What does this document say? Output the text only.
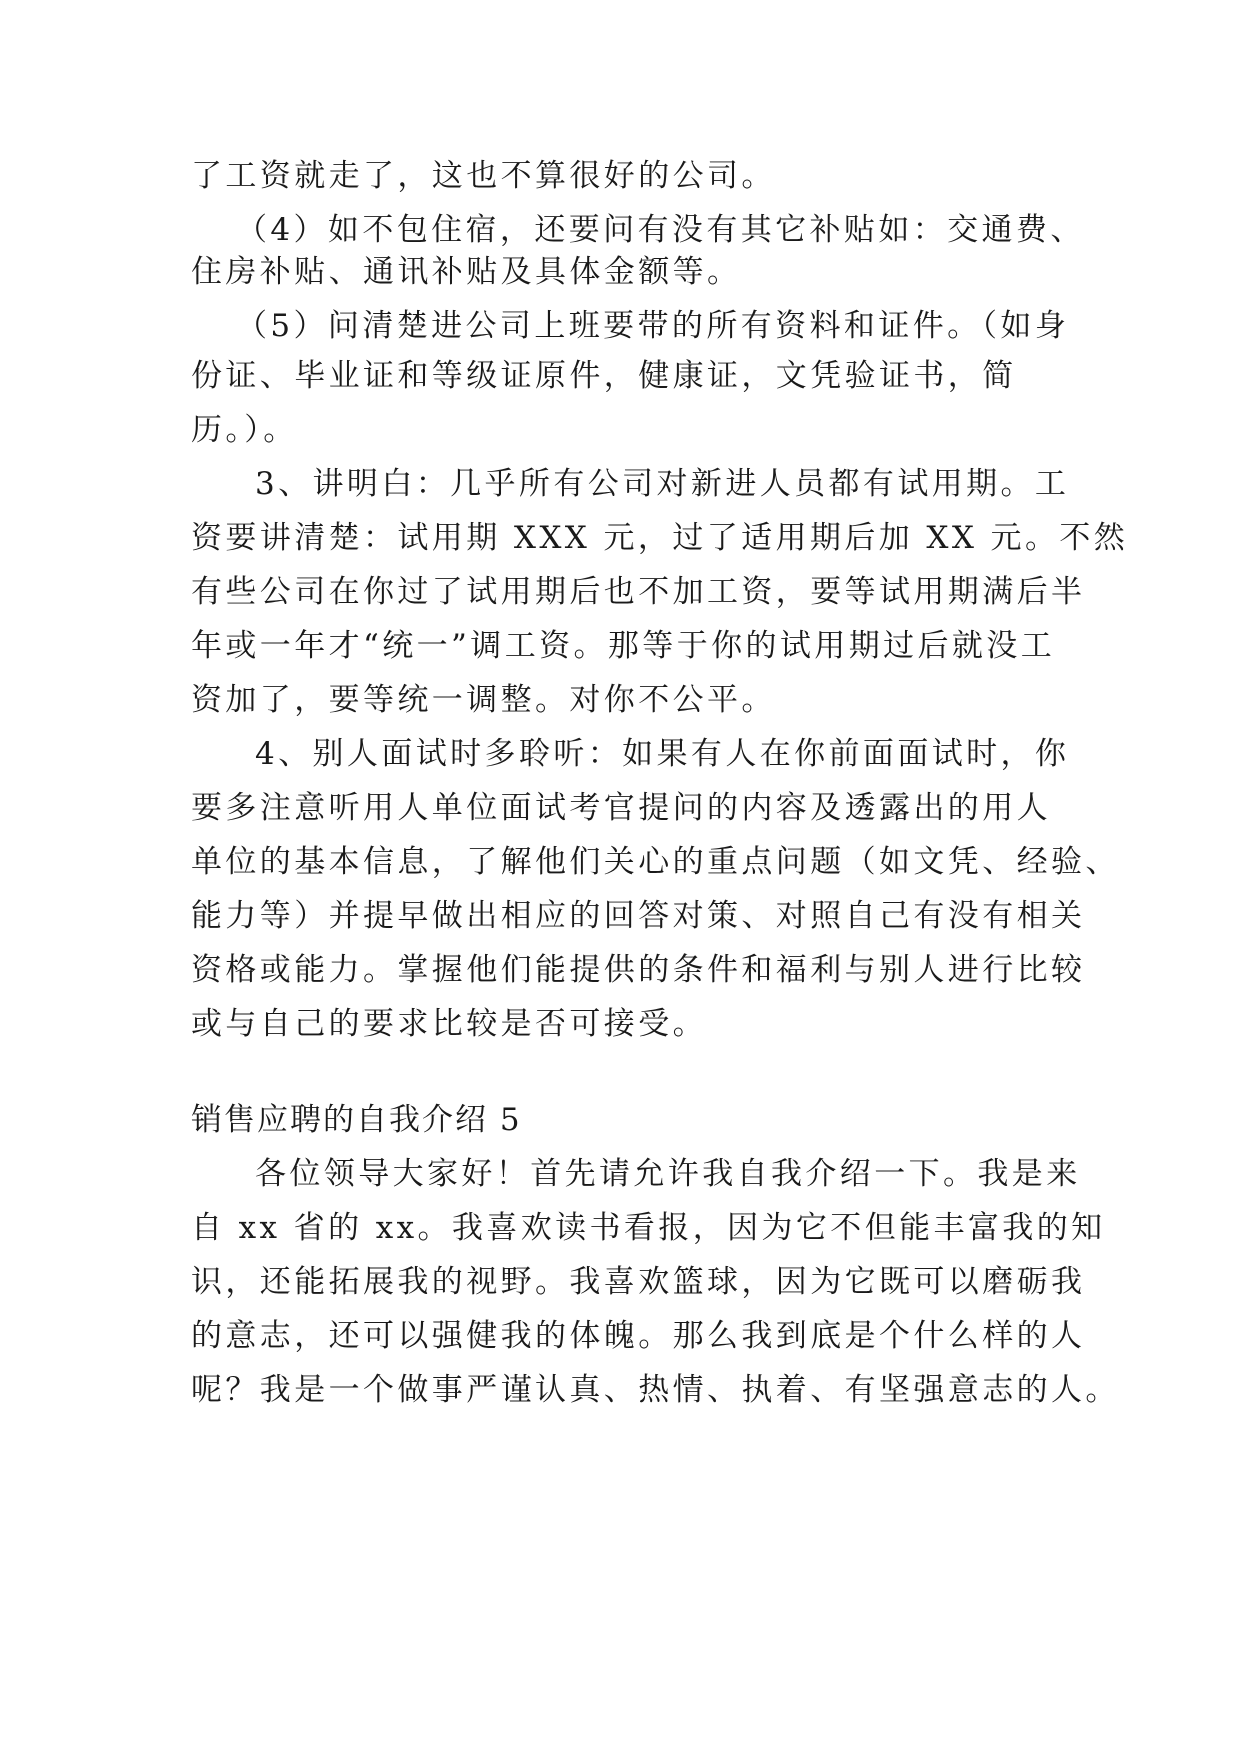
了工资就走了，这也不算很好的公司。

（4）如不包住宿，还要问有没有其它补贴如：交通费、

住房补贴、通讯补贴及具体金额等。

（5）问清楚进公司上班要带的所有资料和证件。（如身

份证、毕业证和等级证原件，健康证，文凭验证书，简

历。）。

3、讲明白：几乎所有公司对新进人员都有试用期。工

资要讲清楚：试用期 XXX 元，过了适用期后加 XX 元。不然

有些公司在你过了试用期后也不加工资，要等试用期满后半

年或一年才“统一”调工资。那等于你的试用期过后就没工

资加了，要等统一调整。对你不公平。

4、别人面试时多聆听：如果有人在你前面面试时，你

要多注意听用人单位面试考官提问的内容及透露出的用人

单位的基本信息，了解他们关心的重点问题（如文凭、经验、

能力等）并提早做出相应的回答对策、对照自己有没有相关

资格或能力。掌握他们能提供的条件和福利与别人进行比较

或与自己的要求比较是否可接受。

销售应聘的自我介绍 5

各位领导大家好！首先请允许我自我介绍一下。我是来

自 xx 省的 xx。我喜欢读书看报，因为它不但能丰富我的知

识，还能拓展我的视野。我喜欢篮球，因为它既可以磨砺我

的意志，还可以强健我的体魄。那么我到底是个什么样的人

呢？我是一个做事严谨认真、热情、执着、有坚强意志的人。
